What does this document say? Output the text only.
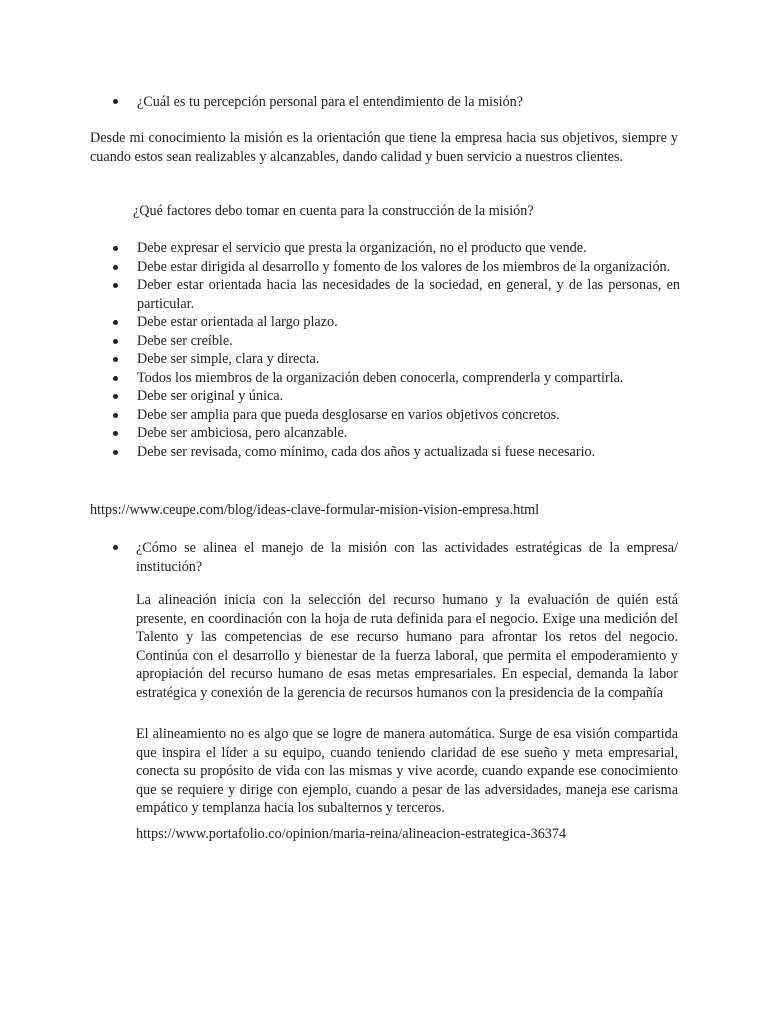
¿Cuál es tu percepción personal para el entendimiento de la misión?
Desde mi conocimiento la misión es la orientación que tiene la empresa hacia sus objetivos, siempre y cuando estos sean realizables y alcanzables, dando calidad y buen servicio a nuestros clientes.
¿Qué factores debo tomar en cuenta para la construcción de la misión?
Debe expresar el servicio que presta la organización, no el producto que vende.
Debe estar dirigida al desarrollo y fomento de los valores de los miembros de la organización.
Deber estar orientada hacia las necesidades de la sociedad, en general, y de las personas, en particular.
Debe estar orientada al largo plazo.
Debe ser creíble.
Debe ser simple, clara y directa.
Todos los miembros de la organización deben conocerla, comprenderla y compartirla.
Debe ser original y única.
Debe ser amplia para que pueda desglosarse en varios objetivos concretos.
Debe ser ambiciosa, pero alcanzable.
Debe ser revisada, como mínimo, cada dos años y actualizada si fuese necesario.
https://www.ceupe.com/blog/ideas-clave-formular-mision-vision-empresa.html
¿Cómo se alinea el manejo de la misión con las actividades estratégicas de la empresa/ institución?
La alineación inicia con la selección del recurso humano y la evaluación de quién está presente, en coordinación con la hoja de ruta definida para el negocio. Exige una medición del Talento y las competencias de ese recurso humano para afrontar los retos del negocio. Continúa con el desarrollo y bienestar de la fuerza laboral, que permita el empoderamiento y apropiación del recurso humano de esas metas empresariales. En especial, demanda la labor estratégica y conexión de la gerencia de recursos humanos con la presidencia de la compañía
El alineamiento no es algo que se logre de manera automática. Surge de esa visión compartida que inspira el líder a su equipo, cuando teniendo claridad de ese sueño y meta empresarial, conecta su propósito de vida con las mismas y vive acorde, cuando expande ese conocimiento que se requiere y dirige con ejemplo, cuando a pesar de las adversidades, maneja ese carisma empático y templanza hacia los subalternos y terceros.
https://www.portafolio.co/opinion/maria-reina/alineacion-estrategica-36374
